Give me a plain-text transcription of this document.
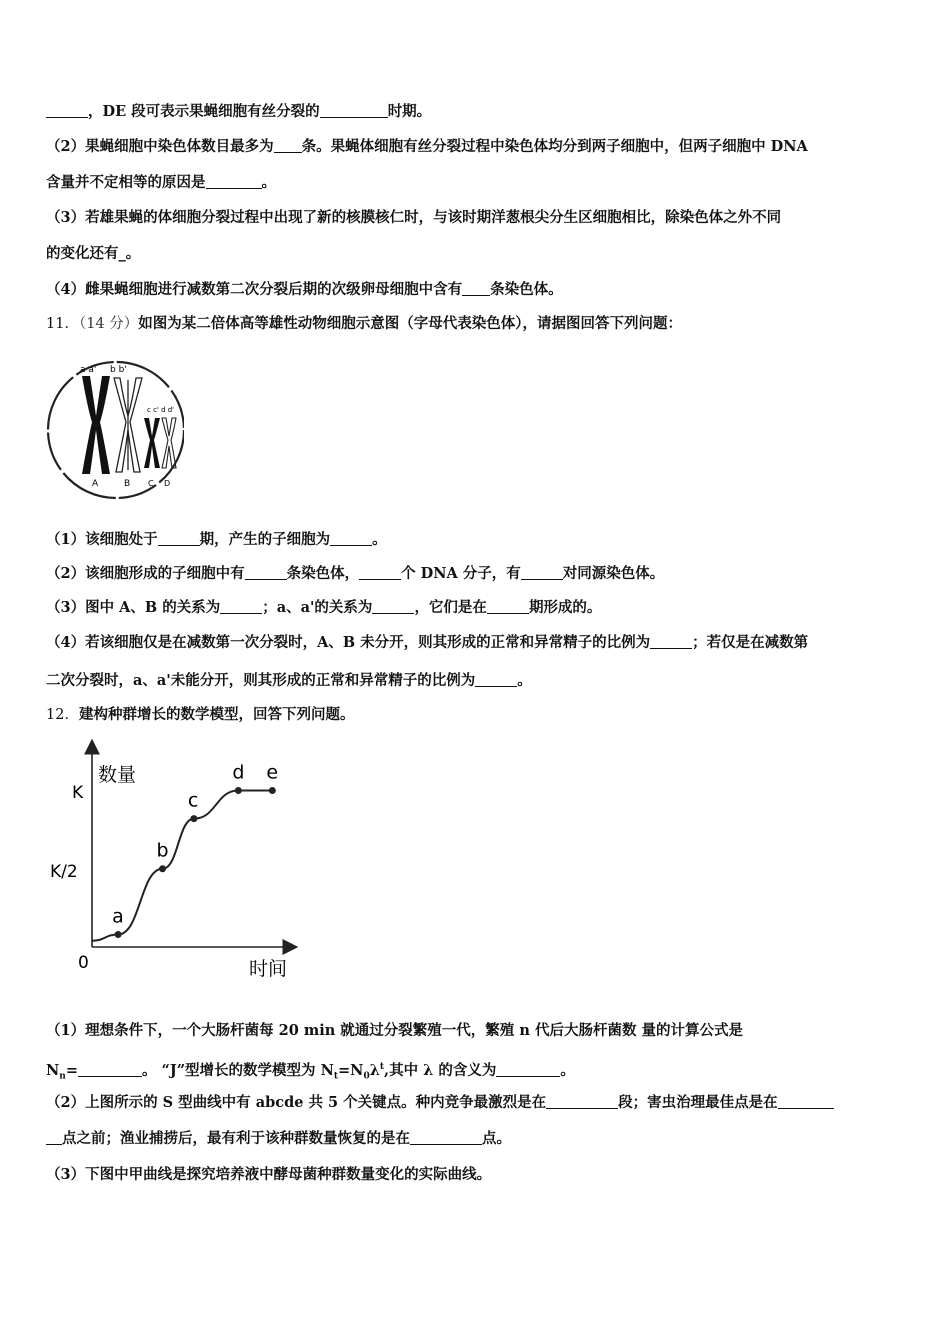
，DE 段可表示果蝇细胞有丝分裂的	时期。
（2）果蝇细胞中染色体数目最多为 条。果蝇体细胞有丝分裂过程中染色体均分到两子细胞中，但两子细胞中 DNA
含量并不定相等的原因是	。
（3）若雄果蝇的体细胞分裂过程中出现了新的核膜核仁时，与该时期洋葱根尖分生区细胞相比，除染色体之外不同
的变化还有_。
（4）雌果蝇细胞进行减数第二次分裂后期的次级卵母细胞中含有 条染色体。
11．（14 分）如图为某二倍体高等雄性动物细胞示意图（字母代表染色体），请据图回答下列问题：
a a' b b'
c c' d d'
A	B C D
（1）该细胞处于	期，产生的子细胞为	。
（2）该细胞形成的子细胞中有	条染色体，	个 DNA 分子，有	对同源染色体。
（3）图中 A、B 的关系为	；a、a'的关系为	，它们是在	期形成的。
（4）若该细胞仅是在减数第一次分裂时，A、B 未分开，则其形成的正常和异常精子的比例为	；若仅是在减数第
二次分裂时，a、a'未能分开，则其形成的正常和异常精子的比例为	。
12．建构种群增长的数学模型，回答下列问题。
数量
时间
0
K
K/2
a
b
c
d e
（1）理想条件下，一个大肠杆菌每 20 min 就通过分裂繁殖一代，繁殖 n 代后大肠杆菌数 量的计算公式是
$N_n=$	。 “J”型增长的数学模型为 $N_t=N_0\lambda^t$,其中 λ 的含义为	。
（2）上图所示的 S 型曲线中有 abcde 共 5 个关键点。种内竞争最激烈是在	段；害虫治理最佳点是在
点之前；渔业捕捞后，最有利于该种群数量恢复的是在	点。
（3）下图中甲曲线是探究培养液中酵母菌种群数量变化的实际曲线。
